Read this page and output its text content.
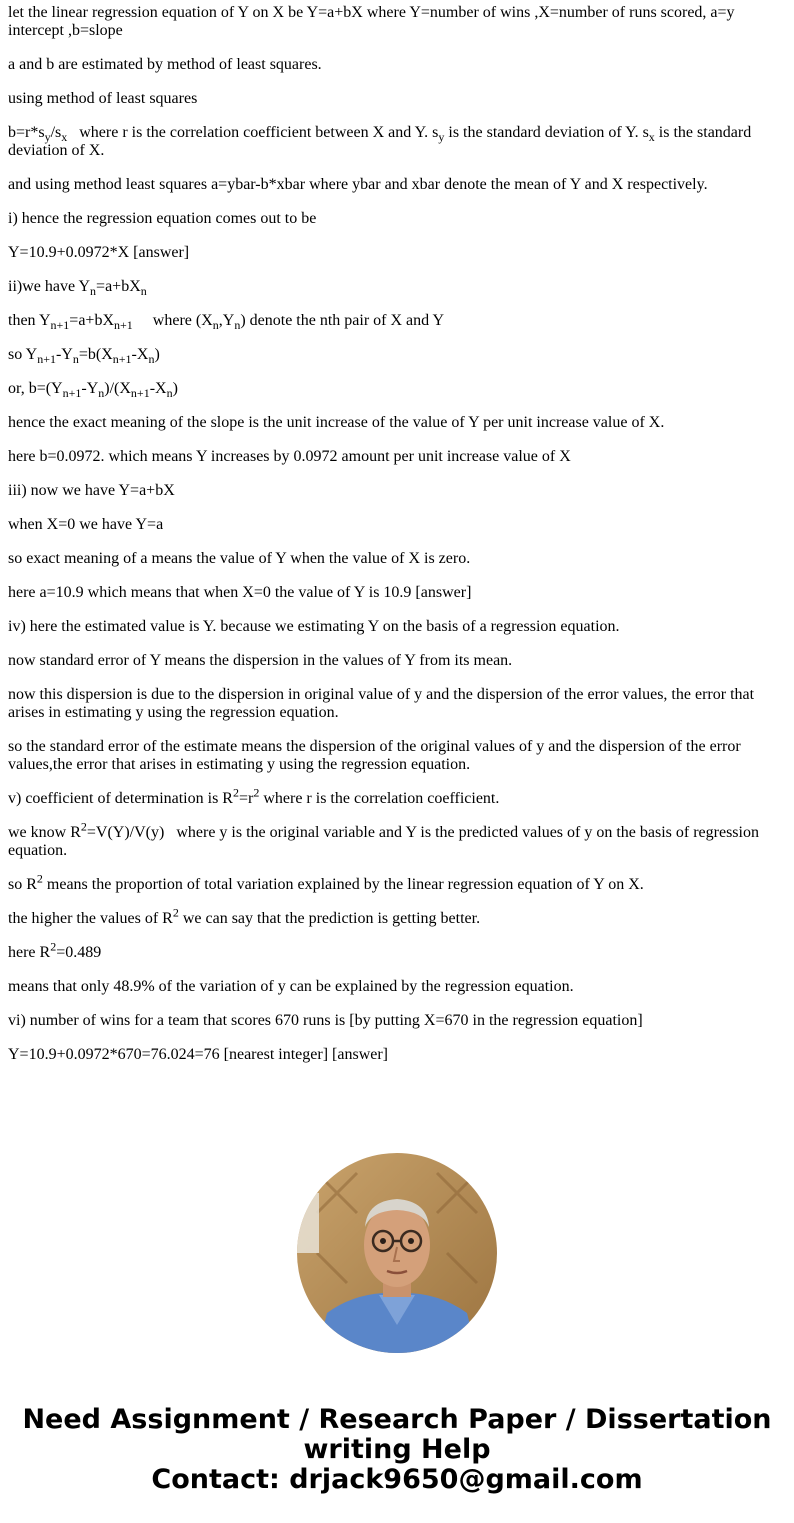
let the linear regression equation of Y on X be Y=a+bX where Y=number of wins ,X=number of runs scored, a=y intercept ,b=slope

a and b are estimated by method of least squares.

using method of least squares

$b=r*s_y/s_x$   where r is the correlation coefficient between X and Y. $s_y$ is the standard deviation of Y. $s_x$ is the standard deviation of X.

and using method least squares a=ybar-b*xbar where ybar and xbar denote the mean of Y and X respectively.

i) hence the regression equation comes out to be

Y=10.9+0.0972*X [answer]

ii)we have $Y_n=a+bX_n$

then $Y_{n+1}=a+bX_{n+1}$     where $(X_n,Y_n)$ denote the nth pair of X and Y

so $Y_{n+1}-Y_n=b(X_{n+1}-X_n)$

or, $b=(Y_{n+1}-Y_n)/(X_{n+1}-X_n)$

hence the exact meaning of the slope is the unit increase of the value of Y per unit increase value of X.

here b=0.0972. which means Y increases by 0.0972 amount per unit increase value of X

iii) now we have Y=a+bX

when X=0 we have Y=a

so exact meaning of a means the value of Y when the value of X is zero.

here a=10.9 which means that when X=0 the value of Y is 10.9 [answer]

iv) here the estimated value is Y. because we estimating Y on the basis of a regression equation.

now standard error of Y means the dispersion in the values of Y from its mean.

now this dispersion is due to the dispersion in original value of y and the dispersion of the error values, the error that arises in estimating y using the regression equation.

so the standard error of the estimate means the dispersion of the original values of y and the dispersion of the error values,the error that arises in estimating y using the regression equation.

v) coefficient of determination is $R^2=r^2$ where r is the correlation coefficient.

we know $R^2=V(Y)/V(y)$   where y is the original variable and Y is the predicted values of y on the basis of regression equation.

so $R^2$ means the proportion of total variation explained by the linear regression equation of Y on X.

the higher the values of $R^2$ we can say that the prediction is getting better.

here $R^2=0.489$

means that only 48.9% of the variation of y can be explained by the regression equation.

vi) number of wins for a team that scores 670 runs is [by putting X=670 in the regression equation]

Y=10.9+0.0972*670=76.024=76 [nearest integer] [answer]

Need Assignment / Research Paper / Dissertation writing Help
Contact: drjack9650@gmail.com
